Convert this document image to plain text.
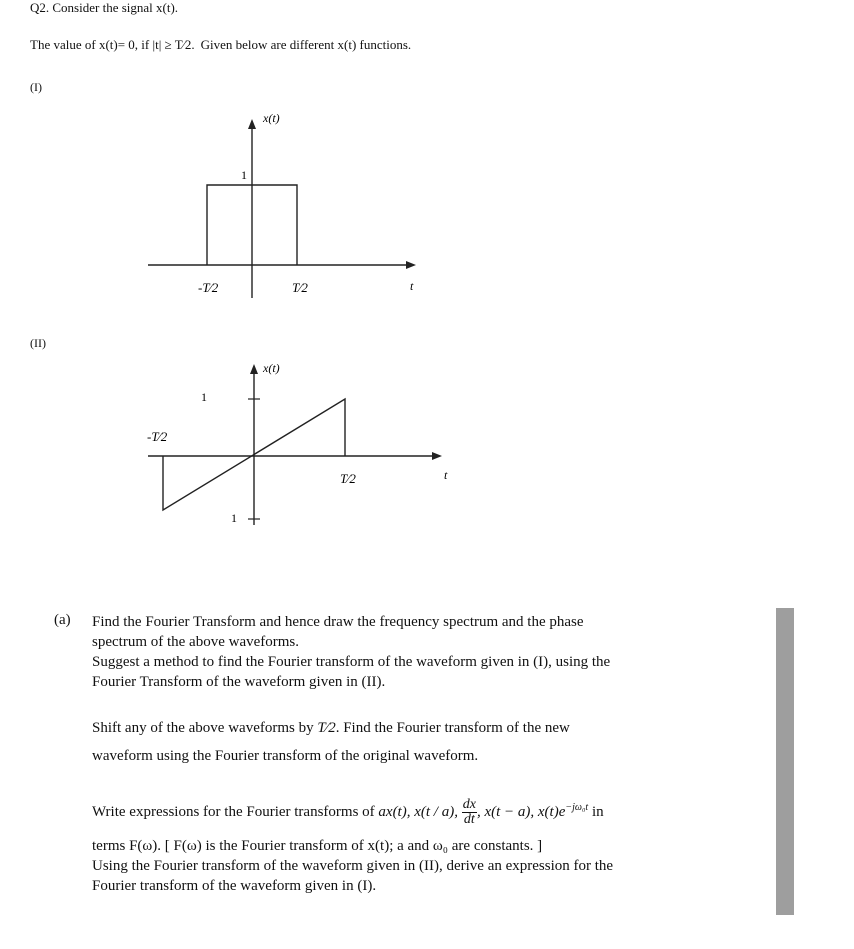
Q2. Consider the signal x(t).
The value of x(t)= 0, if |t| ≥ T⁄2. Given below are different x(t) functions.
(I)
x(t)
1
-T⁄2	T⁄2	t
(II)
x(t)
1
1
-T⁄2
T⁄2	t
(a) Find the Fourier Transform and hence draw the frequency spectrum and the phase
spectrum of the above waveforms.
Suggest a method to find the Fourier transform of the waveform given in (I), using the
Fourier Transform of the waveform given in (II).
Shift any of the above waveforms by T⁄2. Find the Fourier transform of the new
waveform using the Fourier transform of the original waveform.
Write expressions for the Fourier transforms of ax(t), x(t / a), $\frac{dx}{dt}$ , x(t − a), $x(t)e^{-j\omega_0t}$ in
terms F(ω). [ F(ω) is the Fourier transform of x(t); a and ω₀ are constants. ]
Using the Fourier transform of the waveform given in (II), derive an expression for the
Fourier transform of the waveform given in (I).
